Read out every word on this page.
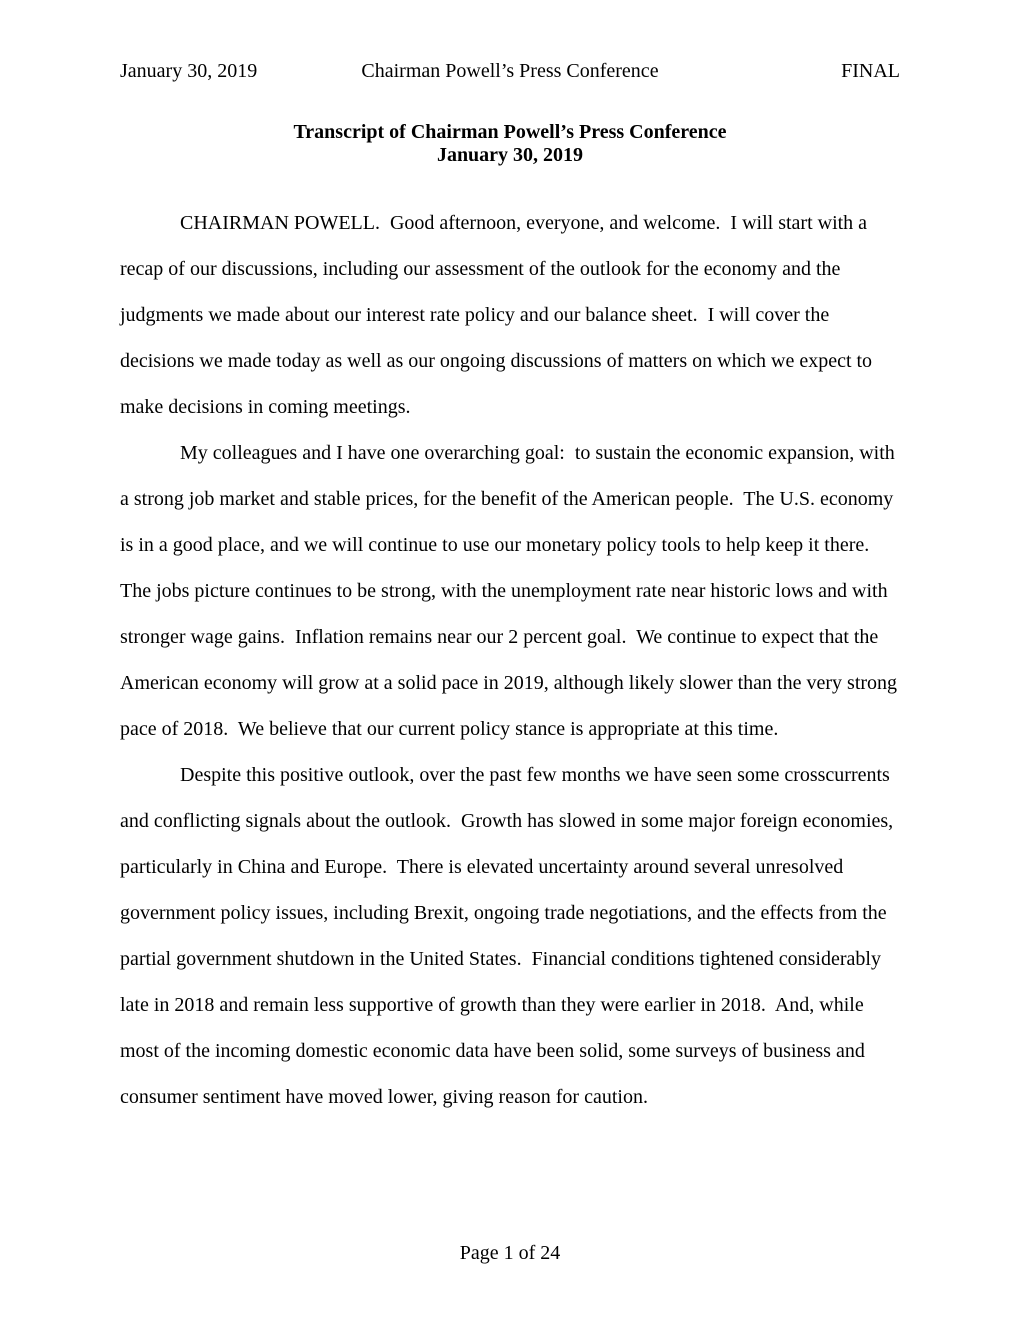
January 30, 2019	Chairman Powell’s Press Conference	FINAL
Transcript of Chairman Powell’s Press Conference
January 30, 2019

CHAIRMAN POWELL.  Good afternoon, everyone, and welcome.  I will start with a recap of our discussions, including our assessment of the outlook for the economy and the judgments we made about our interest rate policy and our balance sheet.  I will cover the decisions we made today as well as our ongoing discussions of matters on which we expect to make decisions in coming meetings.

My colleagues and I have one overarching goal:  to sustain the economic expansion, with a strong job market and stable prices, for the benefit of the American people.  The U.S. economy is in a good place, and we will continue to use our monetary policy tools to help keep it there.  The jobs picture continues to be strong, with the unemployment rate near historic lows and with stronger wage gains.  Inflation remains near our 2 percent goal.  We continue to expect that the American economy will grow at a solid pace in 2019, although likely slower than the very strong pace of 2018.  We believe that our current policy stance is appropriate at this time.

Despite this positive outlook, over the past few months we have seen some crosscurrents and conflicting signals about the outlook.  Growth has slowed in some major foreign economies, particularly in China and Europe.  There is elevated uncertainty around several unresolved government policy issues, including Brexit, ongoing trade negotiations, and the effects from the partial government shutdown in the United States.  Financial conditions tightened considerably late in 2018 and remain less supportive of growth than they were earlier in 2018.  And, while most of the incoming domestic economic data have been solid, some surveys of business and consumer sentiment have moved lower, giving reason for caution.

Page 1 of 24
